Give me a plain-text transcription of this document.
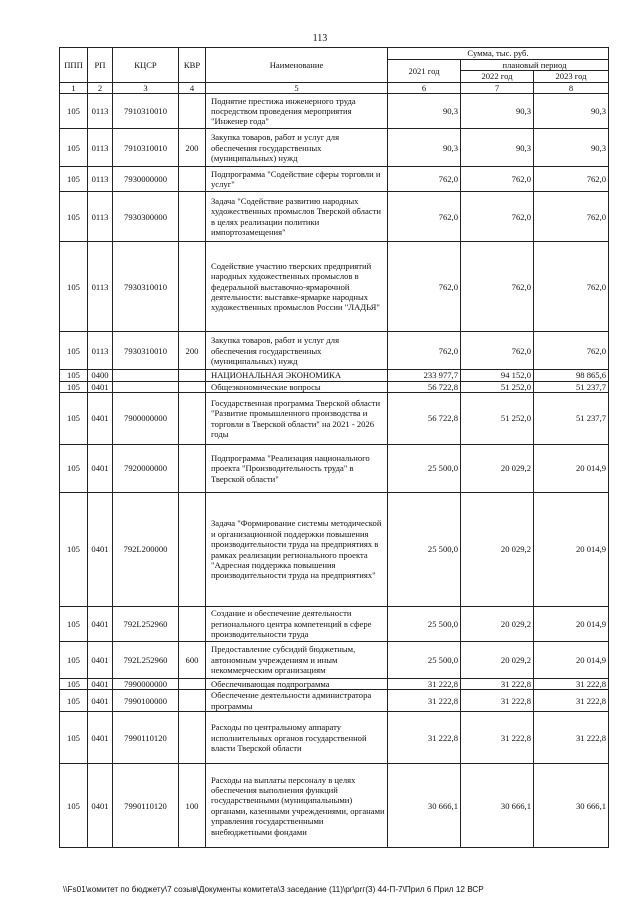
113
ППП	РП	КЦСР	КВР	Наименование	Сумма, тыс. руб.		
					2021 год	плановый период	
						2022 год	2023 год
1	2	3	4	5	6	7	8
105	0113	7910310010		Поднятие престижа инженерного труда посредством проведения мероприятия "Инженер года"	90,3	90,3	90,3
105	0113	7910310010	200	Закупка товаров, работ и услуг для обеспечения государственных (муниципальных) нужд	90,3	90,3	90,3
105	0113	7930000000		Подпрограмма "Содействие сферы торговли и услуг"	762,0	762,0	762,0
105	0113	7930300000		Задача "Содействие развитию народных художественных промыслов Тверской области в целях реализации политики импортозамещения"	762,0	762,0	762,0
105	0113	7930310010		Содействие участию тверских предприятий народных художественных промыслов в федеральной выставочно-ярмарочной деятельности: выставке-ярмарке народных художественных промыслов России "ЛАДЬЯ"	762,0	762,0	762,0
105	0113	7930310010	200	Закупка товаров, работ и услуг для обеспечения государственных (муниципальных) нужд	762,0	762,0	762,0
105	0400			НАЦИОНАЛЬНАЯ ЭКОНОМИКА	233 977,7	94 152,0	98 865,6
105	0401			Общеэкономические вопросы	56 722,8	51 252,0	51 237,7
105	0401	7900000000		Государственная программа Тверской области "Развитие промышленного производства и торговли в Тверской области" на 2021 - 2026 годы	56 722,8	51 252,0	51 237,7
105	0401	7920000000		Подпрограмма "Реализация национального проекта "Производительность труда" в Тверской области"	25 500,0	20 029,2	20 014,9
105	0401	792L200000		Задача "Формирование системы методической и организационной поддержки повышения производительности труда на предприятиях в рамках реализации регионального проекта "Адресная поддержка повышения производительности труда на предприятиях"	25 500,0	20 029,2	20 014,9
105	0401	792L252960		Создание и обеспечение деятельности регионального центра компетенций в сфере производительности труда	25 500,0	20 029,2	20 014,9
105	0401	792L252960	600	Предоставление субсидий бюджетным, автономным учреждениям и иным некоммерческим организациям	25 500,0	20 029,2	20 014,9
105	0401	7990000000		Обеспечивающая подпрограмма	31 222,8	31 222,8	31 222,8
105	0401	7990100000		Обеспечение деятельности администратора программы	31 222,8	31 222,8	31 222,8
105	0401	7990110120		Расходы по центральному аппарату исполнительных органов государственной власти Тверской области	31 222,8	31 222,8	31 222,8
105	0401	7990110120	100	Расходы на выплаты персоналу в целях обеспечения выполнения функций государственными (муниципальными) органами, казенными учреждениями, органами управления государственными внебюджетными фондами	30 666,1	30 666,1	30 666,1
\\Fs01\комитет по бюджету\7 созыв\Документы комитета\3 заседание (11)\рг\prг(3) 44-П-7\Прил 6 Прил 12 ВСР
